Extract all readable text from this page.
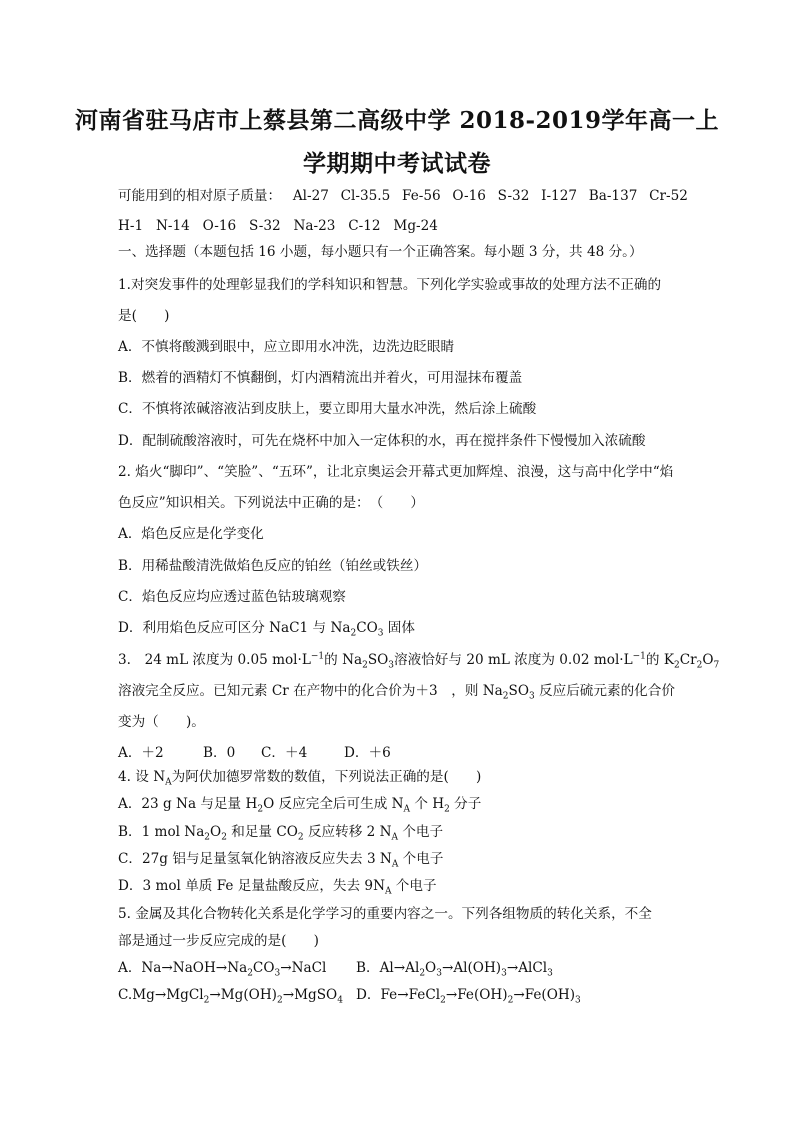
河南省驻马店市上蔡县第二高级中学 2018-2019学年高一上
学期期中考试试卷
可能用到的相对原子质量： Al-27 Cl-35.5 Fe-56 O-16 S-32 I-127 Ba-137 Cr-52
H-1 N-14 O-16 S-32 Na-23 C-12 Mg-24
一、选择题（本题包括 16 小题，每小题只有一个正确答案。每小题 3 分，共 48 分。）
1.对突发事件的处理彰显我们的学科知识和智慧。下列化学实验或事故的处理方法不正确的
是(　　)
A．不慎将酸溅到眼中，应立即用水冲洗，边洗边眨眼睛
B．燃着的酒精灯不慎翻倒，灯内酒精流出并着火，可用湿抹布覆盖
C．不慎将浓碱溶液沾到皮肤上，要立即用大量水冲洗，然后涂上硫酸
D．配制硫酸溶液时，可先在烧杯中加入一定体积的水，再在搅拌条件下慢慢加入浓硫酸
2. 焰火“脚印”、“笑脸”、“五环”，让北京奥运会开幕式更加辉煌、浪漫，这与高中化学中“焰
色反应”知识相关。下列说法中正确的是：　（　　）
A．焰色反应是化学变化
B．用稀盐酸清洗做焰色反应的铂丝（铂丝或铁丝）
C．焰色反应均应透过蓝色钴玻璃观察
D．利用焰色反应可区分 NaC1 与 $Na_2CO_3$ 固体
3.　24 mL 浓度为 0.05 $mol\cdot L^{-1}$的 $Na_2SO_3$溶液恰好与 20 mL 浓度为 0.02 $mol\cdot L^{-1}$的 $K_2Cr_2O_7$
溶液完全反应。已知元素 Cr 在产物中的化合价为＋3　，则 $Na_2SO_3$ 反应后硫元素的化合价
变为（　　)。
A．＋2	B．0	C．＋4	D．＋6
4. 设 $N_A$为阿伏加德罗常数的数值，下列说法正确的是(　　)
A．23 g Na 与足量 $H_2O$ 反应完全后可生成 $N_A$ 个 $H_2$ 分子
B．1 mol $Na_2O_2$ 和足量 $CO_2$ 反应转移 2 $N_A$ 个电子
C．27g 铝与足量氢氧化钠溶液反应失去 3 $N_A$ 个电子
D．3 mol 单质 Fe 足量盐酸反应，失去 $9N_A$ 个电子
5. 金属及其化合物转化关系是化学学习的重要内容之一。下列各组物质的转化关系，不全
部是通过一步反应完成的是(　　)
A．$Na\to NaOH\to Na_2CO_3\to NaCl$	B．$Al\to Al_2O_3\to Al(OH)_3\to AlCl_3$
$C.Mg\to MgCl_2\to Mg(OH)_2\to MgSO_4$ D．$Fe\to FeCl_2\to Fe(OH)_2\to Fe(OH)_3$
